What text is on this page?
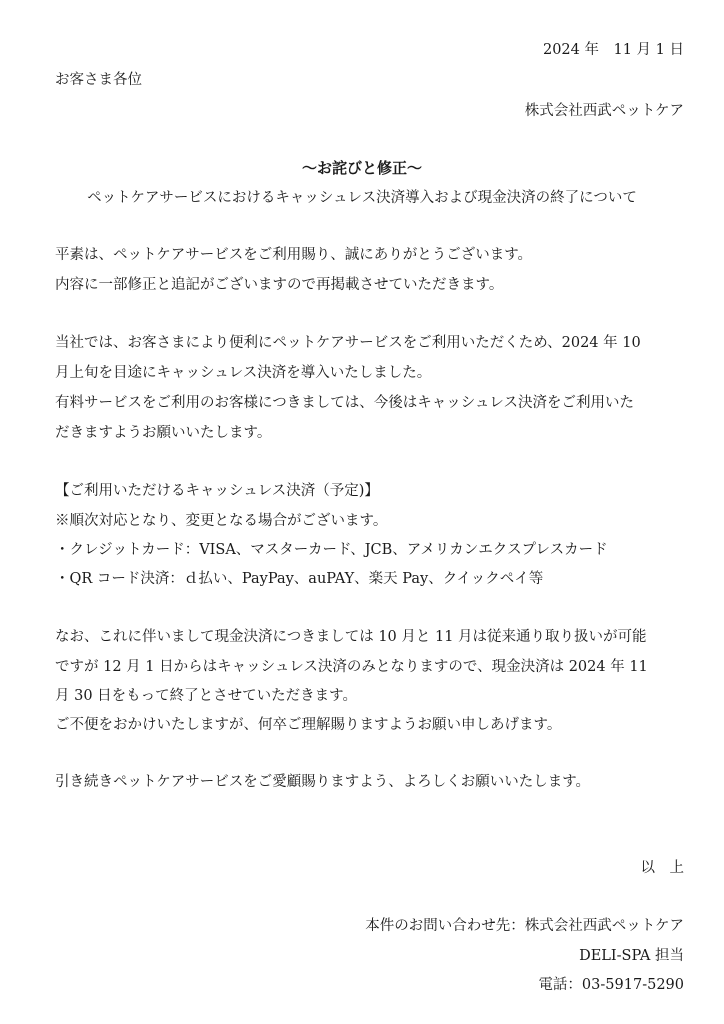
2024 年　11 月 1 日
お客さま各位
株式会社西武ペットケア
〜お詫びと修正〜
ペットケアサービスにおけるキャッシュレス決済導入および現金決済の終了について
平素は、ペットケアサービスをご利用賜り、誠にありがとうございます。
内容に一部修正と追記がございますので再掲載させていただきます。
当社では、お客さまにより便利にペットケアサービスをご利用いただくため、2024 年 10
月上旬を目途にキャッシュレス決済を導入いたしました。
有料サービスをご利用のお客様につきましては、今後はキャッシュレス決済をご利用いた
だきますようお願いいたします。
【ご利用いただけるキャッシュレス決済（予定)】
※順次対応となり、変更となる場合がございます。
・クレジットカード：VISA、マスターカード、JCB、アメリカンエクスプレスカード
・QR コード決済：ｄ払い、PayPay、auPAY、楽天 Pay、クイックペイ等
なお、これに伴いまして現金決済につきましては 10 月と 11 月は従来通り取り扱いが可能
ですが 12 月 1 日からはキャッシュレス決済のみとなりますので、現金決済は 2024 年 11
月 30 日をもって終了とさせていただきます。
ご不便をおかけいたしますが、何卒ご理解賜りますようお願い申しあげます。
引き続きペットケアサービスをご愛顧賜りますよう、よろしくお願いいたします。
以　上
本件のお問い合わせ先：株式会社西武ペットケア
DELI-SPA 担当
電話：03-5917-5290
